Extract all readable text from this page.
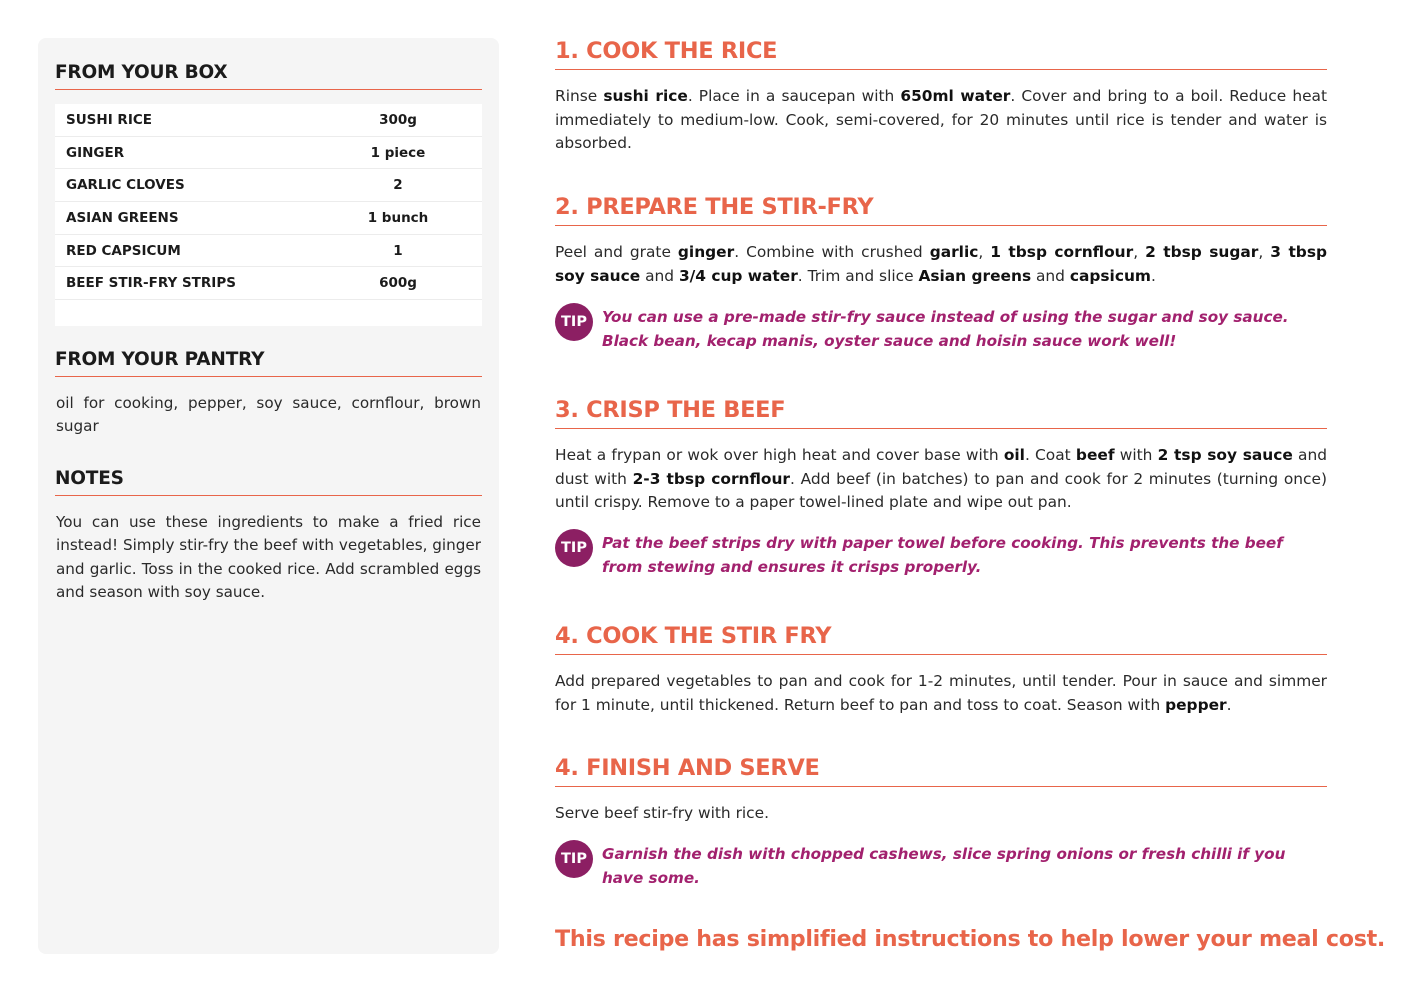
FROM YOUR BOX
SUSHI RICE	300g
GINGER	1 piece
GARLIC CLOVES	2
ASIAN GREENS	1 bunch
RED CAPSICUM	1
BEEF STIR-FRY STRIPS	600g
FROM YOUR PANTRY

oil for cooking, pepper, soy sauce, cornflour, brown sugar

NOTES

You can use these ingredients to make a fried rice instead! Simply stir-fry the beef with vegetables, ginger and garlic. Toss in the cooked rice. Add scrambled eggs and season with soy sauce.

1. COOK THE RICE

Rinse sushi rice. Place in a saucepan with 650ml water. Cover and bring to a boil. Reduce heat immediately to medium-low. Cook, semi-covered, for 20 minutes until rice is tender and water is absorbed.

2. PREPARE THE STIR-FRY

Peel and grate ginger. Combine with crushed garlic, 1 tbsp cornflour, 2 tbsp sugar, 3 tbsp soy sauce and 3/4 cup water. Trim and slice Asian greens and capsicum.

TIP You can use a pre-made stir-fry sauce instead of using the sugar and soy sauce. Black bean, kecap manis, oyster sauce and hoisin sauce work well!

3. CRISP THE BEEF

Heat a frypan or wok over high heat and cover base with oil. Coat beef with 2 tsp soy sauce and dust with 2-3 tbsp cornflour. Add beef (in batches) to pan and cook for 2 minutes (turning once) until crispy. Remove to a paper towel-lined plate and wipe out pan.

TIP Pat the beef strips dry with paper towel before cooking. This prevents the beef from stewing and ensures it crisps properly.

4. COOK THE STIR FRY

Add prepared vegetables to pan and cook for 1-2 minutes, until tender. Pour in sauce and simmer for 1 minute, until thickened. Return beef to pan and toss to coat. Season with pepper.

4. FINISH AND SERVE

Serve beef stir-fry with rice.

TIP Garnish the dish with chopped cashews, slice spring onions or fresh chilli if you have some.

This recipe has simplified instructions to help lower your meal cost.
